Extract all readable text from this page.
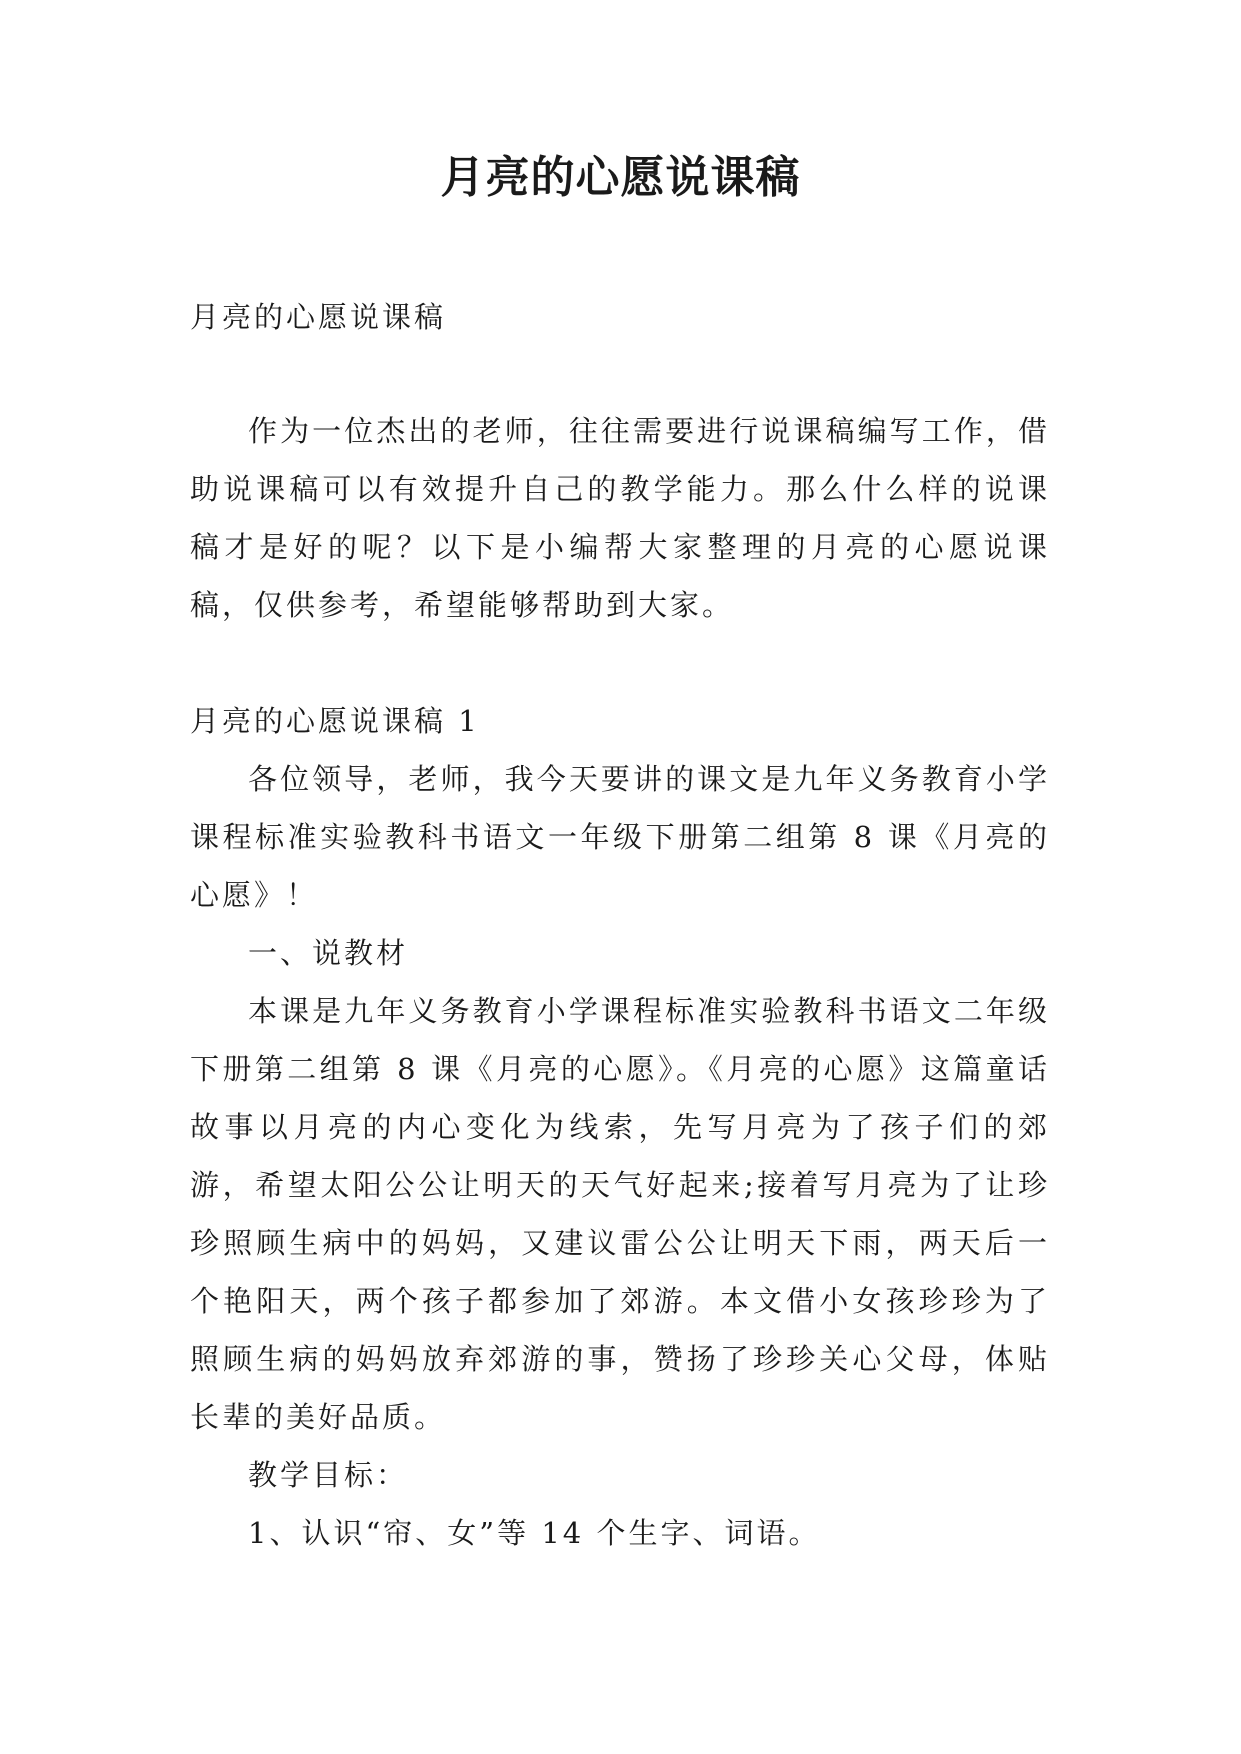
月亮的心愿说课稿

月亮的心愿说课稿

作为一位杰出的老师，往往需要进行说课稿编写工作，借助说课稿可以有效提升自己的教学能力。那么什么样的说课稿才是好的呢？以下是小编帮大家整理的月亮的心愿说课稿，仅供参考，希望能够帮助到大家。

月亮的心愿说课稿 1

各位领导，老师，我今天要讲的课文是九年义务教育小学课程标准实验教科书语文一年级下册第二组第 8 课《月亮的心愿》！

一、说教材

本课是九年义务教育小学课程标准实验教科书语文二年级下册第二组第 8 课《月亮的心愿》。《月亮的心愿》这篇童话故事以月亮的内心变化为线索，先写月亮为了孩子们的郊游，希望太阳公公让明天的天气好起来;接着写月亮为了让珍珍照顾生病中的妈妈，又建议雷公公让明天下雨，两天后一个艳阳天，两个孩子都参加了郊游。本文借小女孩珍珍为了照顾生病的妈妈放弃郊游的事，赞扬了珍珍关心父母，体贴长辈的美好品质。

教学目标：

1、认识“帘、女”等 14 个生字、词语。
